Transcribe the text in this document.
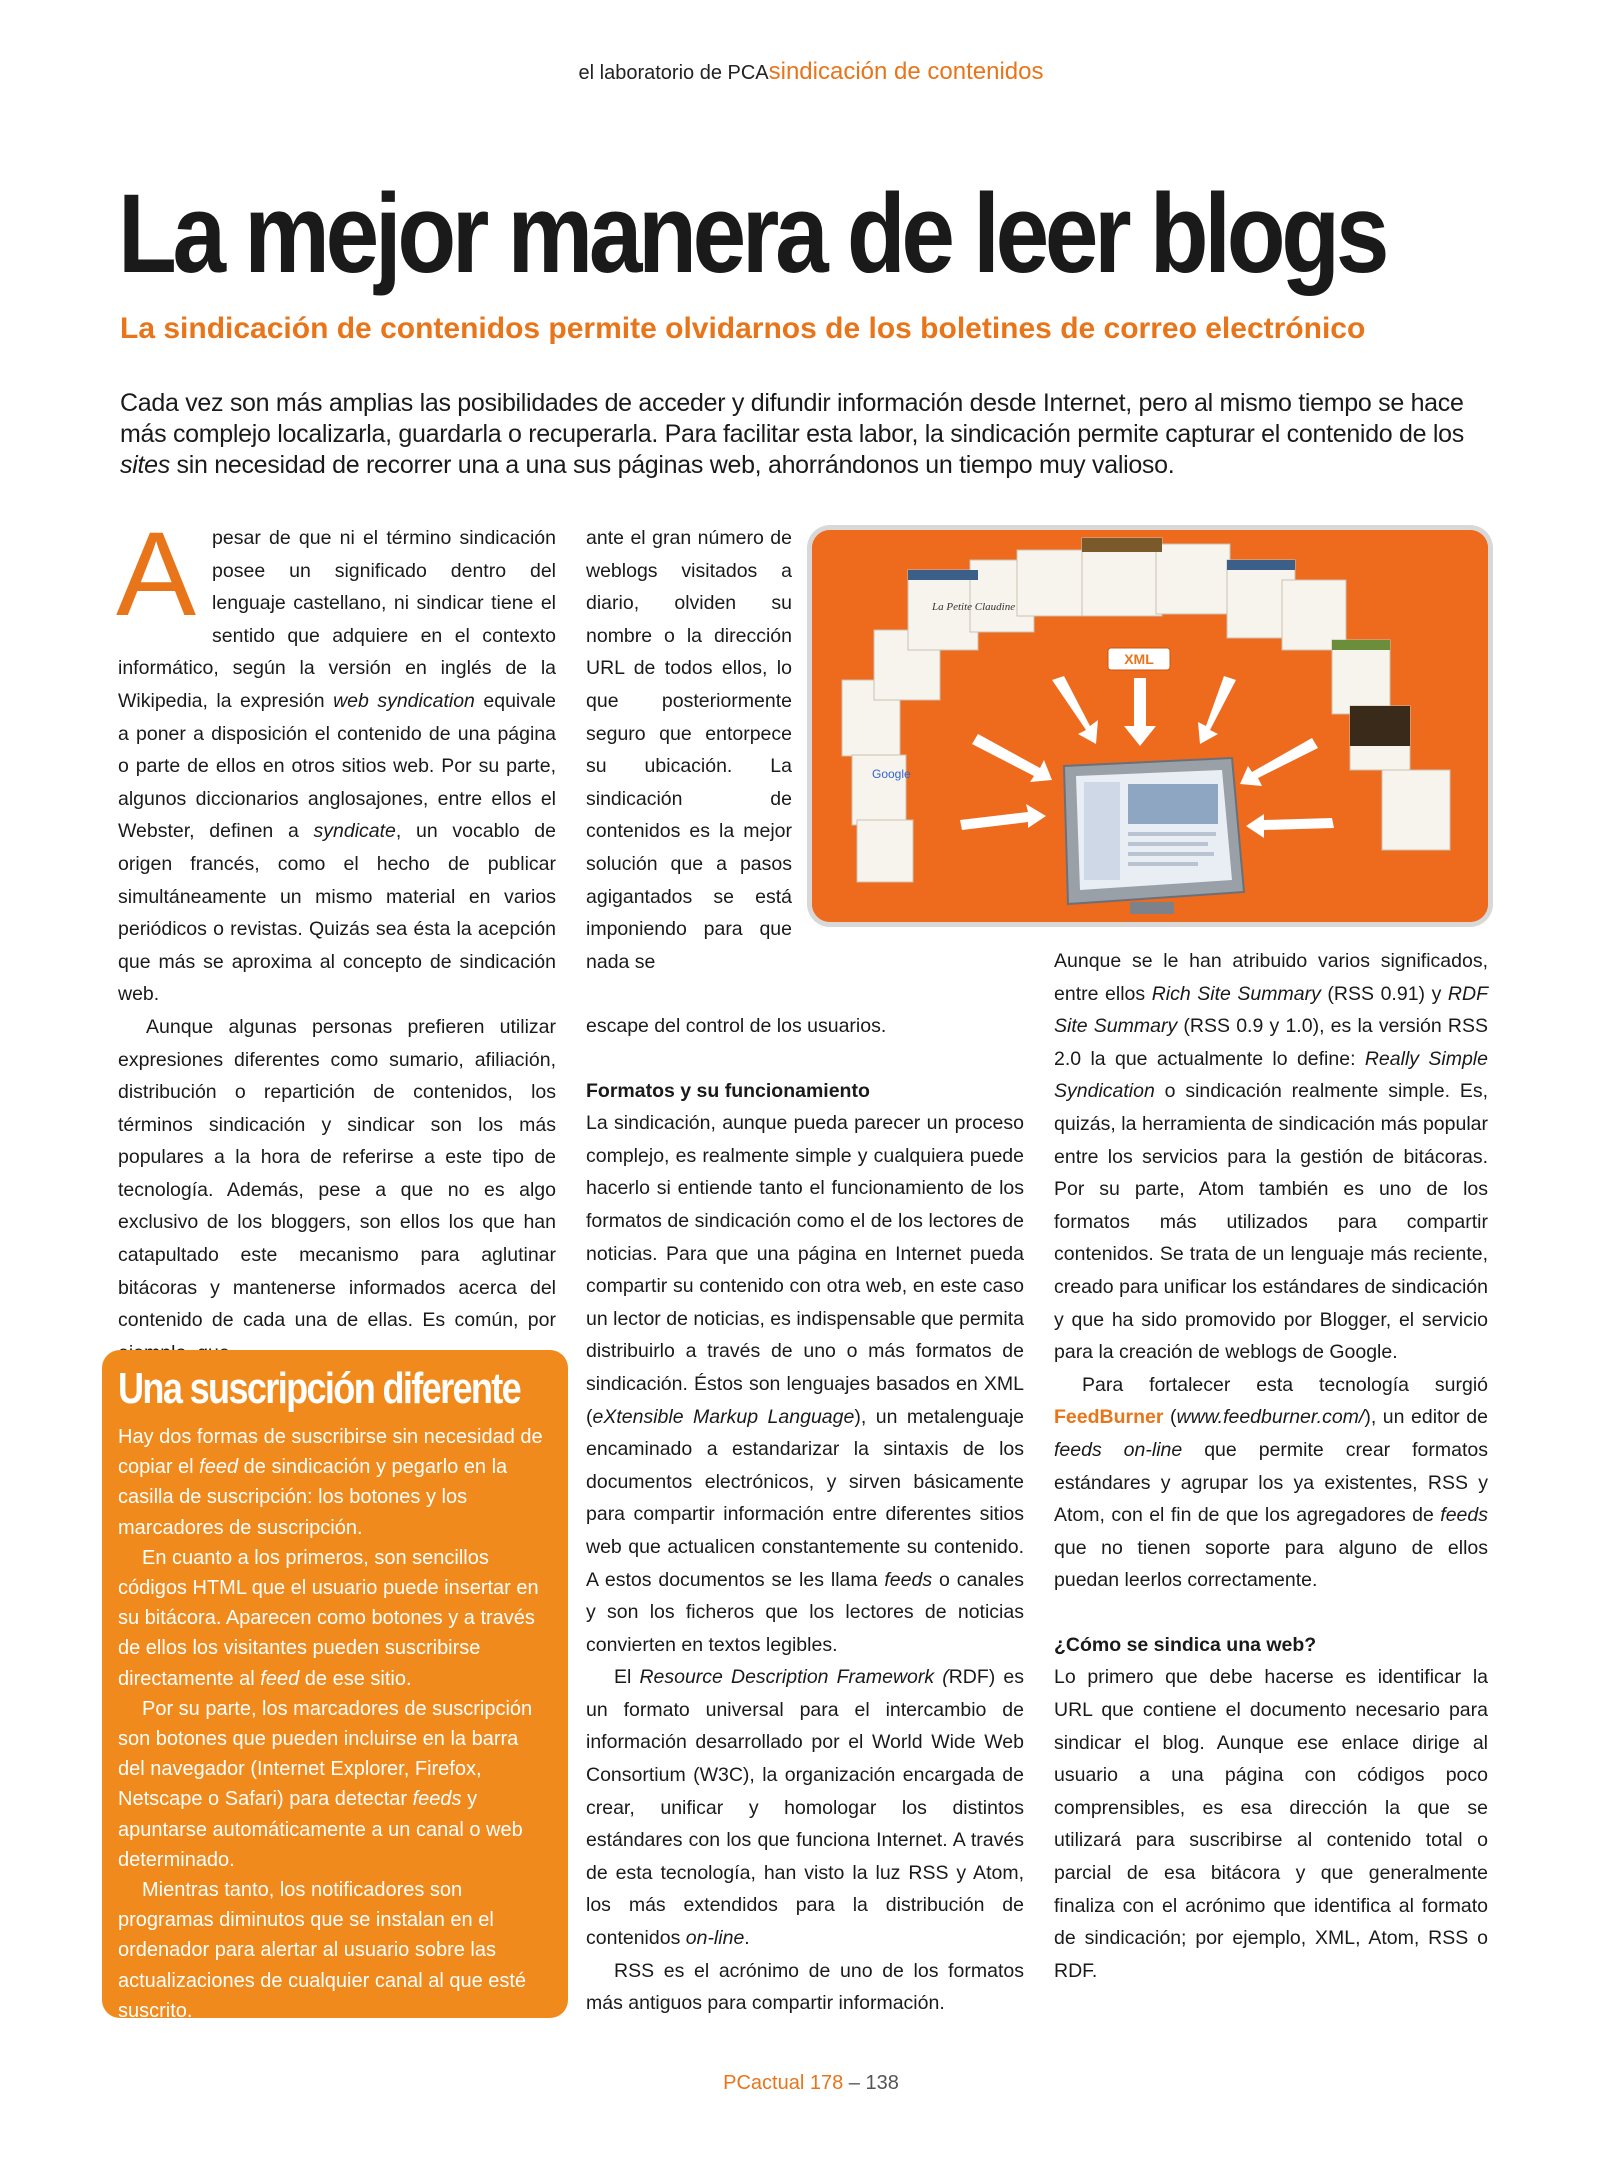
el laboratorio de PCAsindicación de contenidos
La mejor manera de leer blogs
La sindicación de contenidos permite olvidarnos de los boletines de correo electrónico

Cada vez son más amplias las posibilidades de acceder y difundir información desde Internet, pero al mismo tiempo se hace más complejo localizarla, guardarla o recuperarla. Para facilitar esta labor, la sindicación permite capturar el contenido de los sites sin necesidad de recorrer una a una sus páginas web, ahorrándonos un tiempo muy valioso.

Apesar de que ni el término sindicación posee un significado dentro del lenguaje castellano, ni sindicar tiene el sentido que adquiere en el contexto informático, según la versión en inglés de la Wikipedia, la expresión web syndication equivale a poner a disposición el contenido de una página o parte de ellos en otros sitios web. Por su parte, algunos diccionarios anglosajones, entre ellos el Webster, definen a syndicate, un vocablo de origen francés, como el hecho de publicar simultáneamente un mismo material en varios periódicos o revistas. Quizás sea ésta la acepción que más se aproxima al concepto de sindicación web.

Aunque algunas personas prefieren utilizar expresiones diferentes como sumario, afiliación, distribución o repartición de contenidos, los términos sindicación y sindicar son los más populares a la hora de referirse a este tipo de tecnología. Además, pese a que no es algo exclusivo de los bloggers, son ellos los que han catapultado este mecanismo para aglutinar bitácoras y mantenerse informados acerca del contenido de cada una de ellas. Es común, por

ante el gran número de weblogs visitados a diario, olviden su nombre o la dirección URL de todos ellos, lo que posteriormente seguro que entorpece su ubicación. La sindicación de contenidos es la mejor solución que a pasos agigantados se está imponiendo para que nada se

La Petite Claudine
Google
XML

escape del control de los usuarios.

Formatos y su funcionamiento

La sindicación, aunque pueda parecer un proceso complejo, es realmente simple y cualquiera puede hacerlo si entiende tanto el funcionamiento de los formatos de sindicación como el de los lectores de noticias. Para que una página en Internet pueda compartir su contenido con otra web, en este caso un lector de noticias, es indispensable que permita distribuirlo a través de uno o más formatos de sindicación. Éstos son lenguajes basados en XML (eXtensible Markup Language), un metalenguaje encaminado a estandarizar la sintaxis de los documentos electrónicos, y sirven básicamente para compartir información entre diferentes sitios web que actualicen constantemente su contenido. A estos documentos se les llama feeds o canales y son los ficheros que los lectores de noticias convierten en textos legibles.

El Resource Description Framework (RDF) es un formato universal para el intercambio de información desarrollado por el World Wide Web Consortium (W3C), la organización encargada de crear, unificar y homologar los distintos estándares con los que funciona Internet. A través de esta tecnología, han visto la luz RSS y Atom, los más extendidos para la distribución de contenidos on-line.

RSS es el acrónimo de uno de los formatos más antiguos para compartir información.

Aunque se le han atribuido varios significados, entre ellos Rich Site Summary (RSS 0.91) y RDF Site Summary (RSS 0.9 y 1.0), es la versión RSS 2.0 la que actualmente lo define: Really Simple Syndication o sindicación realmente simple. Es, quizás, la herramienta de sindicación más popular entre los servicios para la gestión de bitácoras. Por su parte, Atom también es uno de los formatos más utilizados para compartir contenidos. Se trata de un lenguaje más reciente, creado para unificar los estándares de sindicación y que ha sido promovido por Blogger, el servicio para la creación de weblogs de Google.

Para fortalecer esta tecnología surgió FeedBurner (www.feedburner.com/), un editor de feeds on-line que permite crear formatos estándares y agrupar los ya existentes, RSS y Atom, con el fin de que los agregadores de feeds que no tienen soporte para alguno de ellos puedan leerlos correctamente.

¿Cómo se sindica una web?

Lo primero que debe hacerse es identificar la URL que contiene el documento necesario para sindicar el blog. Aunque ese enlace dirige al usuario a una página con códigos poco comprensibles, es esa dirección la que se utilizará para suscribirse al contenido total o parcial de esa bitácora y que generalmente finaliza con el acrónimo que identifica al formato de sindicación; por ejemplo, XML, Atom, RSS o RDF.

Una suscripción diferente

Hay dos formas de suscribirse sin necesidad de copiar el feed de sindicación y pegarlo en la casilla de suscripción: los botones y los marcadores de suscripción.

En cuanto a los primeros, son sencillos códigos HTML que el usuario puede insertar en su bitácora. Aparecen como botones y a través de ellos los visitantes pueden suscribirse directamente al feed de ese sitio.

Por su parte, los marcadores de suscripción son botones que pueden incluirse en la barra del navegador (Internet Explorer, Firefox, Netscape o Safari) para detectar feeds y apuntarse automáticamente a un canal o web determinado.

Mientras tanto, los notificadores son programas diminutos que se instalan en el ordenador para alertar al usuario sobre las actualizaciones de cualquier canal al que esté suscrito.

PCactual 178 – 138
